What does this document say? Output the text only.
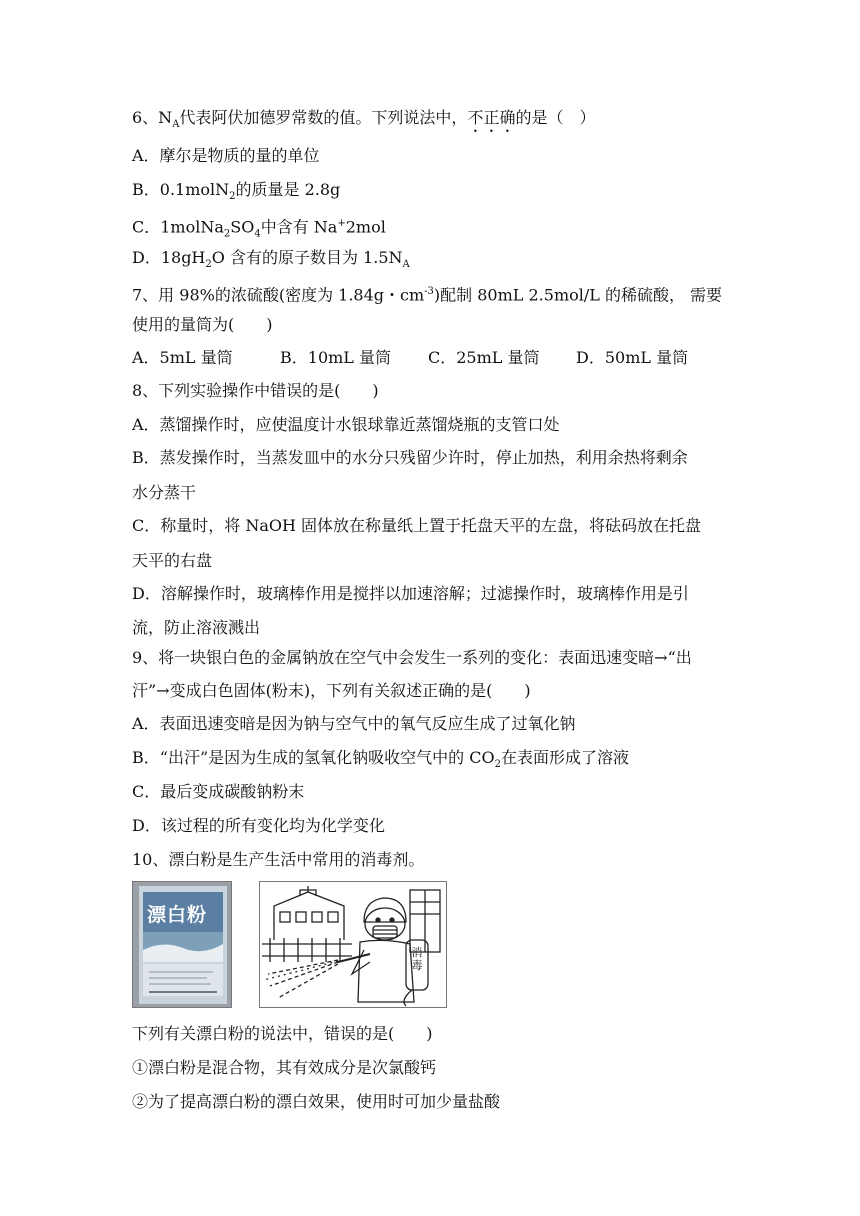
6、$N_A$代表阿伏加德罗常数的值。下列说法中，不正确的是（　）
A．摩尔是物质的量的单位
B．0.1molN$_2$的质量是 2.8g
C．$1molNa_2SO_4$中含有 Na+2mol
D．$18gH_2O$ 含有的原子数目为 $1.5N_A$
7、用 98%的浓硫酸(密度为 1.84g・$cm^{-3}$)配制 80mL 2.5mol/L 的稀硫酸， 需要
使用的量筒为(　　)
A．5mL 量筒	B．10mL 量筒 C．25mL 量筒 D．50mL 量筒
8、下列实验操作中错误的是(　　)
A．蒸馏操作时，应使温度计水银球靠近蒸馏烧瓶的支管口处
B．蒸发操作时，当蒸发皿中的水分只残留少许时，停止加热，利用余热将剩余
水分蒸干
C．称量时，将 NaOH 固体放在称量纸上置于托盘天平的左盘，将砝码放在托盘
天平的右盘
D．溶解操作时，玻璃棒作用是搅拌以加速溶解；过滤操作时，玻璃棒作用是引
流，防止溶液溅出
9、将一块银白色的金属钠放在空气中会发生一系列的变化：表面迅速变暗→“出
汗”→变成白色固体(粉末)，下列有关叙述正确的是(　　)
A．表面迅速变暗是因为钠与空气中的氧气反应生成了过氧化钠
B．“出汗”是因为生成的氢氧化钠吸收空气中的 $CO_2$在表面形成了溶液
C．最后变成碳酸钠粉末
D．该过程的所有变化均为化学变化
10、漂白粉是生产生活中常用的消毒剂。
漂白粉
消毒
下列有关漂白粉的说法中，错误的是(　　)
①漂白粉是混合物，其有效成分是次氯酸钙
②为了提高漂白粉的漂白效果，使用时可加少量盐酸
